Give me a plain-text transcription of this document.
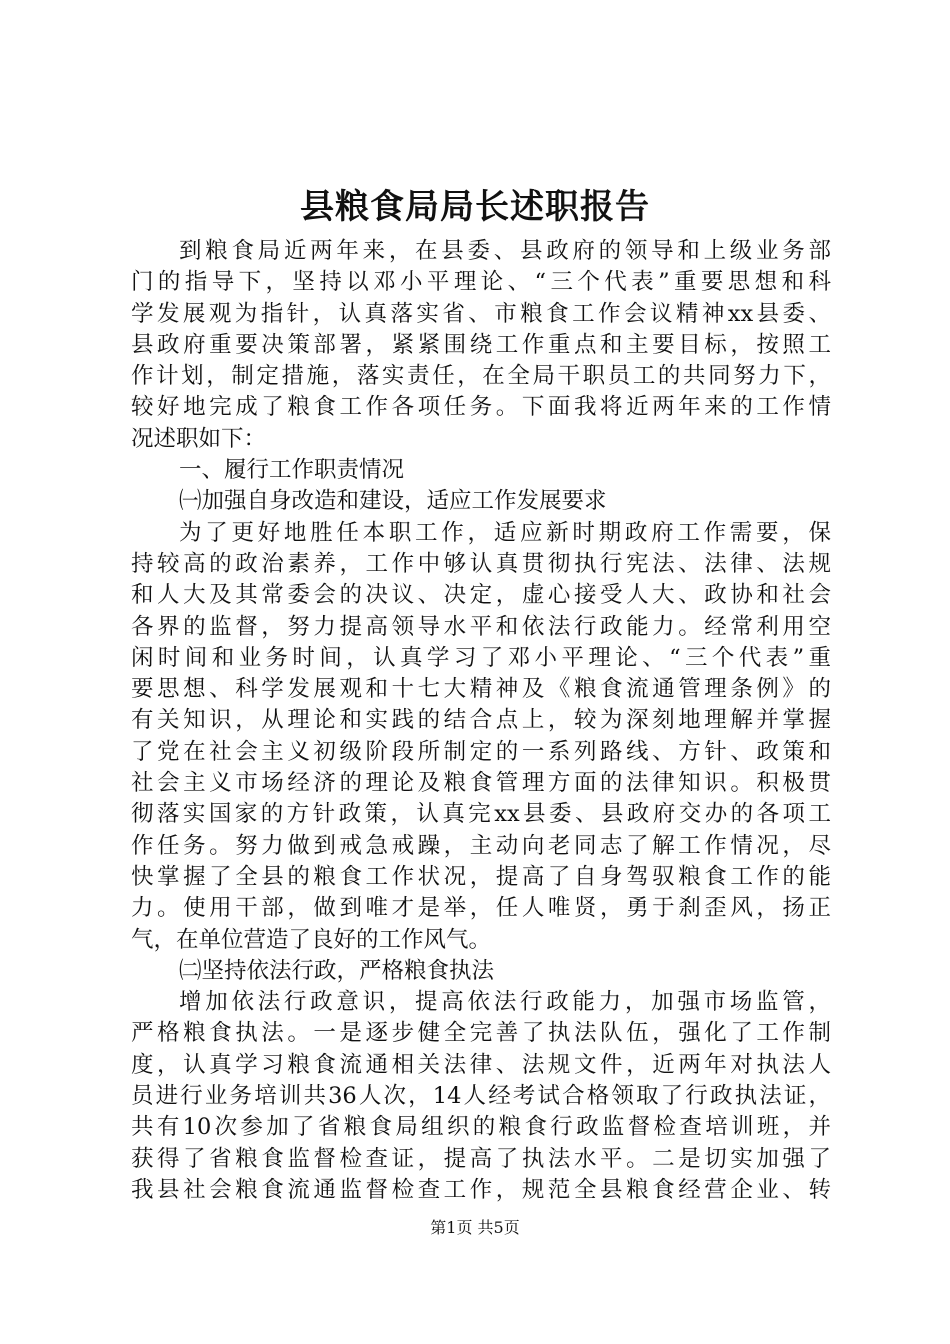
县粮食局局长述职报告
到粮食局近两年来，在县委、县政府的领导和上级业务部
门的指导下，坚持以邓小平理论、“三个代表”重要思想和科
学发展观为指针，认真落实省、市粮食工作会议精神xx县委、
县政府重要决策部署，紧紧围绕工作重点和主要目标，按照工
作计划，制定措施，落实责任，在全局干职员工的共同努力下，
较好地完成了粮食工作各项任务。下面我将近两年来的工作情
况述职如下：
一、履行工作职责情况
㈠加强自身改造和建设，适应工作发展要求
为了更好地胜任本职工作，适应新时期政府工作需要，保
持较高的政治素养，工作中够认真贯彻执行宪法、法律、法规
和人大及其常委会的决议、决定，虚心接受人大、政协和社会
各界的监督，努力提高领导水平和依法行政能力。经常利用空
闲时间和业务时间，认真学习了邓小平理论、“三个代表”重
要思想、科学发展观和十七大精神及《粮食流通管理条例》的
有关知识，从理论和实践的结合点上，较为深刻地理解并掌握
了党在社会主义初级阶段所制定的一系列路线、方针、政策和
社会主义市场经济的理论及粮食管理方面的法律知识。积极贯
彻落实国家的方针政策，认真完xx县委、县政府交办的各项工
作任务。努力做到戒急戒躁，主动向老同志了解工作情况，尽
快掌握了全县的粮食工作状况，提高了自身驾驭粮食工作的能
力。使用干部，做到唯才是举，任人唯贤，勇于刹歪风，扬正
气，在单位营造了良好的工作风气。
㈡坚持依法行政，严格粮食执法
增加依法行政意识，提高依法行政能力，加强市场监管，
严格粮食执法。一是逐步健全完善了执法队伍，强化了工作制
度，认真学习粮食流通相关法律、法规文件，近两年对执法人
员进行业务培训共36人次，14人经考试合格领取了行政执法证，
共有10次参加了省粮食局组织的粮食行政监督检查培训班，并
获得了省粮食监督检查证，提高了执法水平。二是切实加强了
我县社会粮食流通监督检查工作，规范全县粮食经营企业、转
第1页 共5页
